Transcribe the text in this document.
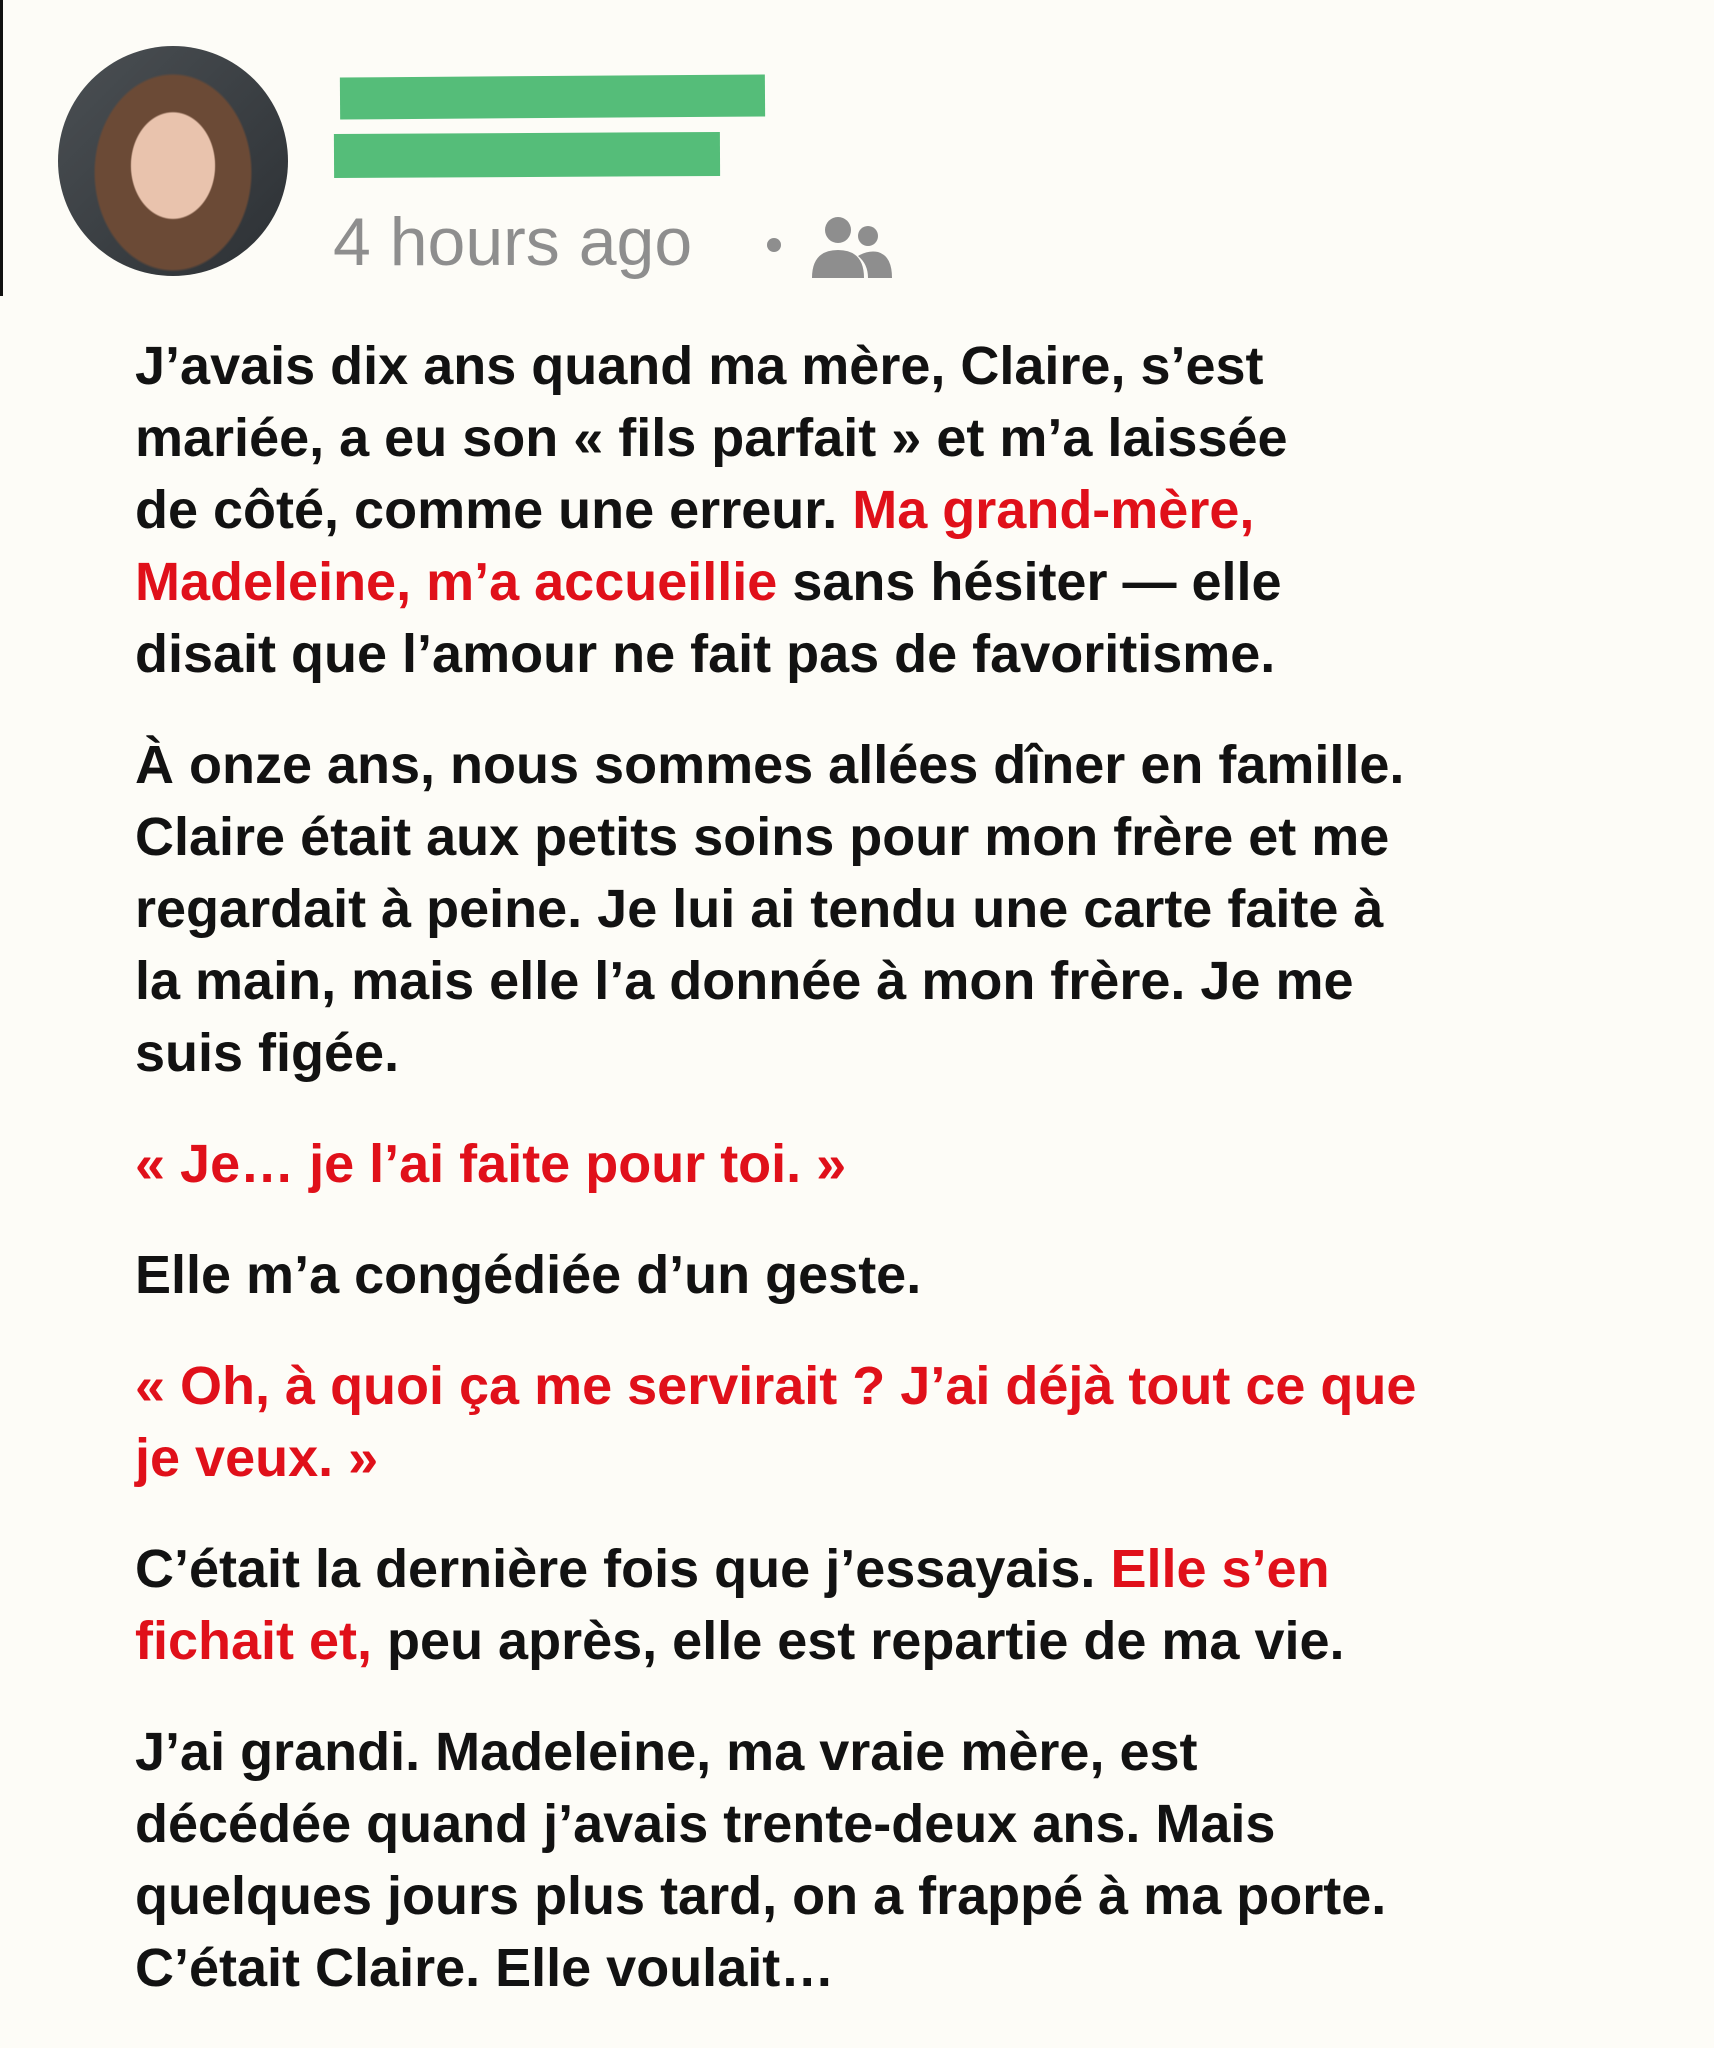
4 hours ago
J’avais dix ans quand ma mère, Claire, s’est
mariée, a eu son « fils parfait » et m’a laissée
de côté, comme une erreur. Ma grand-mère,
Madeleine, m’a accueillie sans hésiter — elle
disait que l’amour ne fait pas de favoritisme.
À onze ans, nous sommes allées dîner en famille.
Claire était aux petits soins pour mon frère et me
regardait à peine. Je lui ai tendu une carte faite à
la main, mais elle l’a donnée à mon frère. Je me
suis figée.
« Je… je l’ai faite pour toi. »
Elle m’a congédiée d’un geste.
« Oh, à quoi ça me servirait ? J’ai déjà tout ce que
je veux. »
C’était la dernière fois que j’essayais. Elle s’en
fichait et, peu après, elle est repartie de ma vie.
J’ai grandi. Madeleine, ma vraie mère, est
décédée quand j’avais trente-deux ans. Mais
quelques jours plus tard, on a frappé à ma porte.
C’était Claire. Elle voulait…
